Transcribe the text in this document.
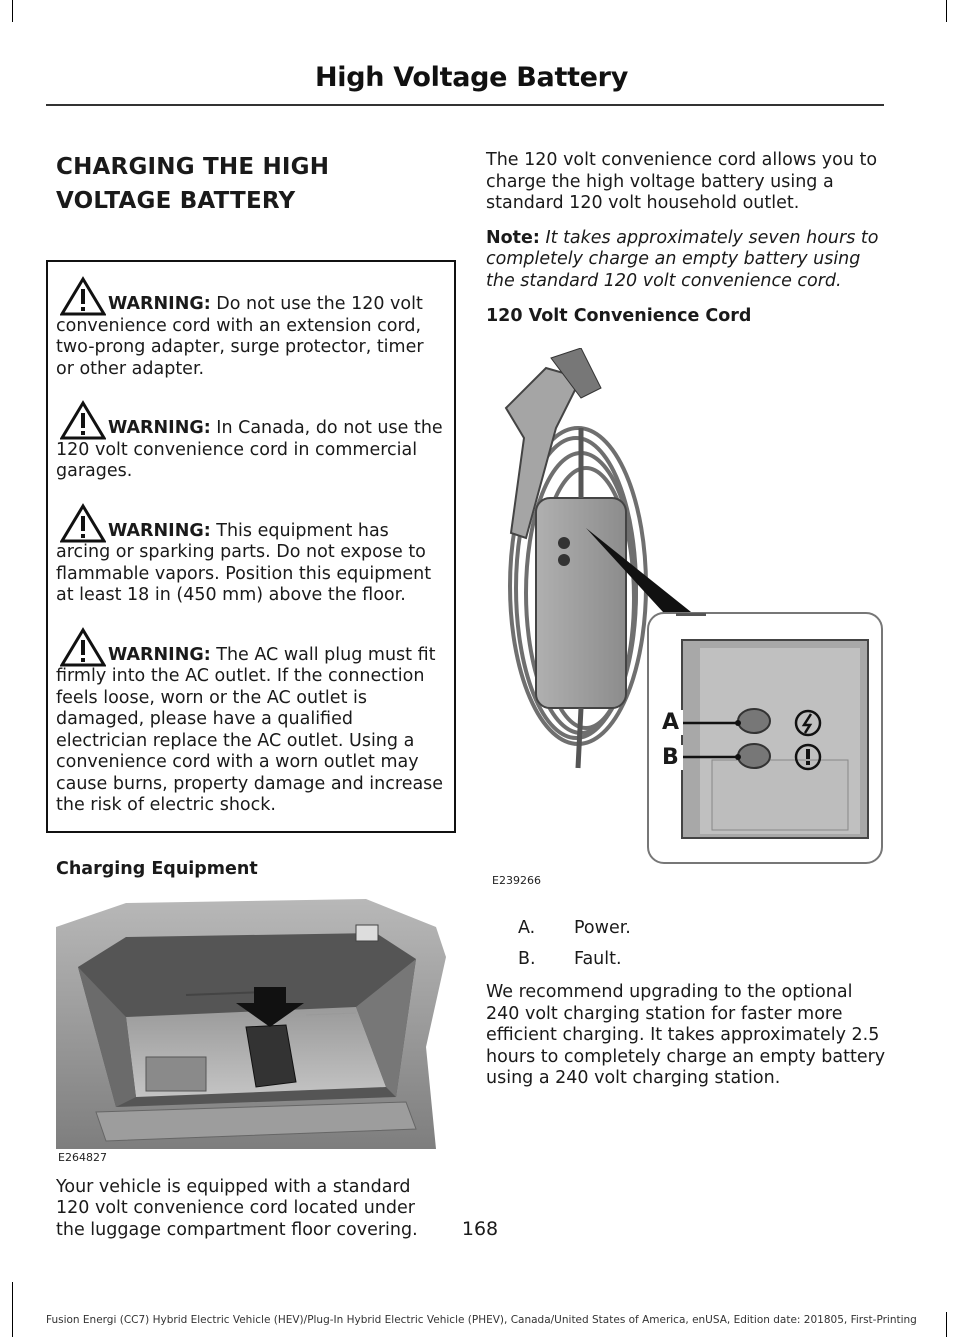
High Voltage Battery
CHARGING THE HIGH
VOLTAGE BATTERY
WARNING: Do not use the 120 volt convenience cord with an extension cord, two-prong adapter, surge protector, timer or other adapter.
WARNING: In Canada, do not use the 120 volt convenience cord in commercial garages.
WARNING: This equipment has arcing or sparking parts. Do not expose to flammable vapors. Position this equipment at least 18 in (450 mm) above the floor.
WARNING: The AC wall plug must fit firmly into the AC outlet. If the connection feels loose, worn or the AC outlet is damaged, please have a qualified electrician replace the AC outlet. Using a convenience cord with a worn outlet may cause burns, property damage and increase the risk of electric shock.
Charging Equipment
E264827
Your vehicle is equipped with a standard 120 volt convenience cord located under the luggage compartment floor covering.
The 120 volt convenience cord allows you to charge the high voltage battery using a standard 120 volt household outlet.
Note: It takes approximately seven hours to completely charge an empty battery using the standard 120 volt convenience cord.
120 Volt Convenience Cord
A
B
E239266
A.	Power.
B.	Fault.
We recommend upgrading to the optional 240 volt charging station for faster more efficient charging. It takes approximately 2.5 hours to completely charge an empty battery using a 240 volt charging station.
168
Fusion Energi (CC7) Hybrid Electric Vehicle (HEV)/Plug-In Hybrid Electric Vehicle (PHEV), Canada/United States of America, enUSA, Edition date: 201805, First-Printing
